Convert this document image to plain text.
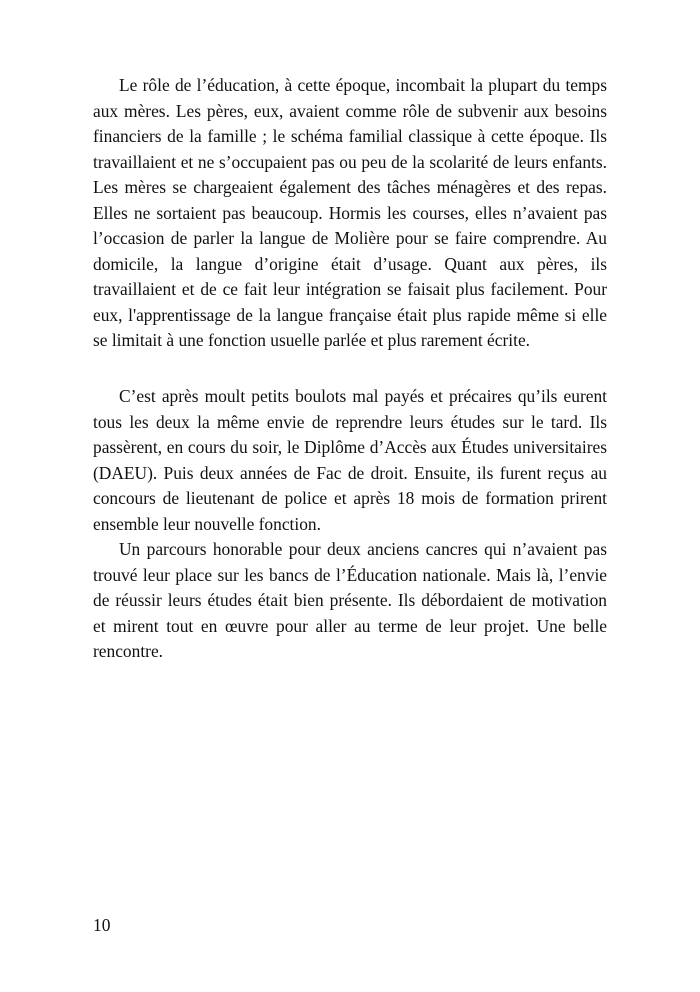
Le rôle de l’éducation, à cette époque, incombait la plupart du temps aux mères. Les pères, eux, avaient comme rôle de subvenir aux besoins financiers de la famille ; le schéma familial classique à cette époque. Ils travaillaient et ne s’occupaient pas ou peu de la scolarité de leurs enfants. Les mères se chargeaient également des tâches ménagères et des repas. Elles ne sortaient pas beaucoup. Hormis les courses, elles n’avaient pas l’occasion de parler la langue de Molière pour se faire comprendre. Au domicile, la langue d’origine était d’usage. Quant aux pères, ils travaillaient et de ce fait leur intégration se faisait plus facilement. Pour eux, l'apprentissage de la langue française était plus rapide même si elle se limitait à une fonction usuelle parlée et plus rarement écrite.

C’est après moult petits boulots mal payés et précaires qu’ils eurent tous les deux la même envie de reprendre leurs études sur le tard. Ils passèrent, en cours du soir, le Diplôme d’Accès aux Études universitaires (DAEU). Puis deux années de Fac de droit. Ensuite, ils furent reçus au concours de lieutenant de police et après 18 mois de formation prirent ensemble leur nouvelle fonction.

Un parcours honorable pour deux anciens cancres qui n’avaient pas trouvé leur place sur les bancs de l’Éducation nationale. Mais là, l’envie de réussir leurs études était bien présente. Ils débordaient de motivation et mirent tout en œuvre pour aller au terme de leur projet. Une belle rencontre.

10
